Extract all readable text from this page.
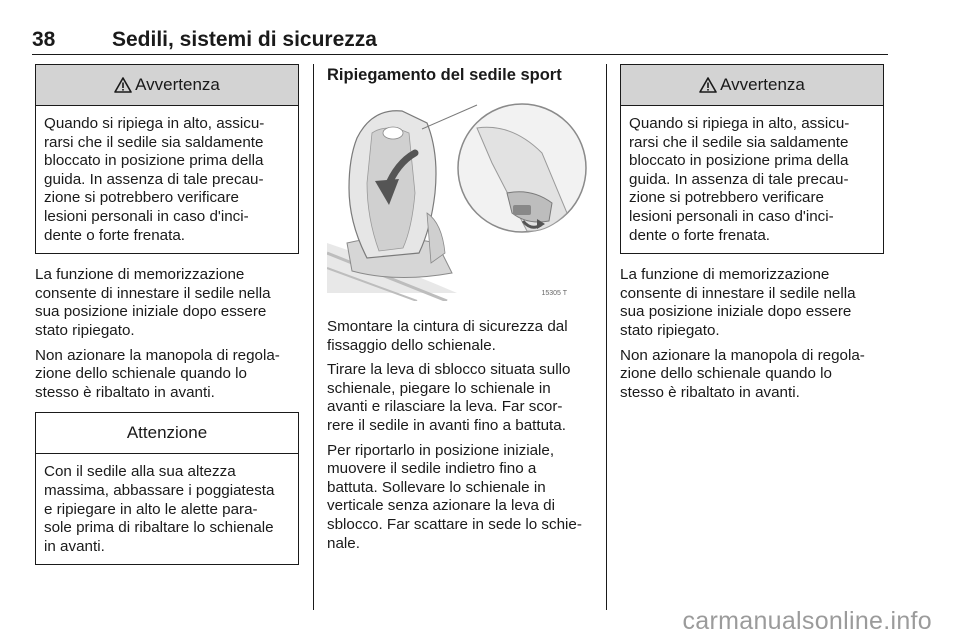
38	Sedili, sistemi di sicurezza
Avvertenza
Quando si ripiega in alto, assicu-
rarsi che il sedile sia saldamente
bloccato in posizione prima della
guida. In assenza di tale precau-
zione si potrebbero verificare
lesioni personali in caso d'inci-
dente o forte frenata.
La funzione di memorizzazione
consente di innestare il sedile nella
sua posizione iniziale dopo essere
stato ripiegato.
Non azionare la manopola di regola-
zione dello schienale quando lo
stesso è ribaltato in avanti.
Attenzione
Con il sedile alla sua altezza
massima, abbassare i poggiatesta
e ripiegare in alto le alette para-
sole prima di ribaltare lo schienale
in avanti.
Ripiegamento del sedile sport
15305 T
Smontare la cintura di sicurezza dal
fissaggio dello schienale.
Tirare la leva di sblocco situata sullo
schienale, piegare lo schienale in
avanti e rilasciare la leva. Far scor-
rere il sedile in avanti fino a battuta.
Per riportarlo in posizione iniziale,
muovere il sedile indietro fino a
battuta. Sollevare lo schienale in
verticale senza azionare la leva di
sblocco. Far scattare in sede lo schie-
nale.
Avvertenza
Quando si ripiega in alto, assicu-
rarsi che il sedile sia saldamente
bloccato in posizione prima della
guida. In assenza di tale precau-
zione si potrebbero verificare
lesioni personali in caso d'inci-
dente o forte frenata.
La funzione di memorizzazione
consente di innestare il sedile nella
sua posizione iniziale dopo essere
stato ripiegato.
Non azionare la manopola di regola-
zione dello schienale quando lo
stesso è ribaltato in avanti.
carmanualsonline.info
